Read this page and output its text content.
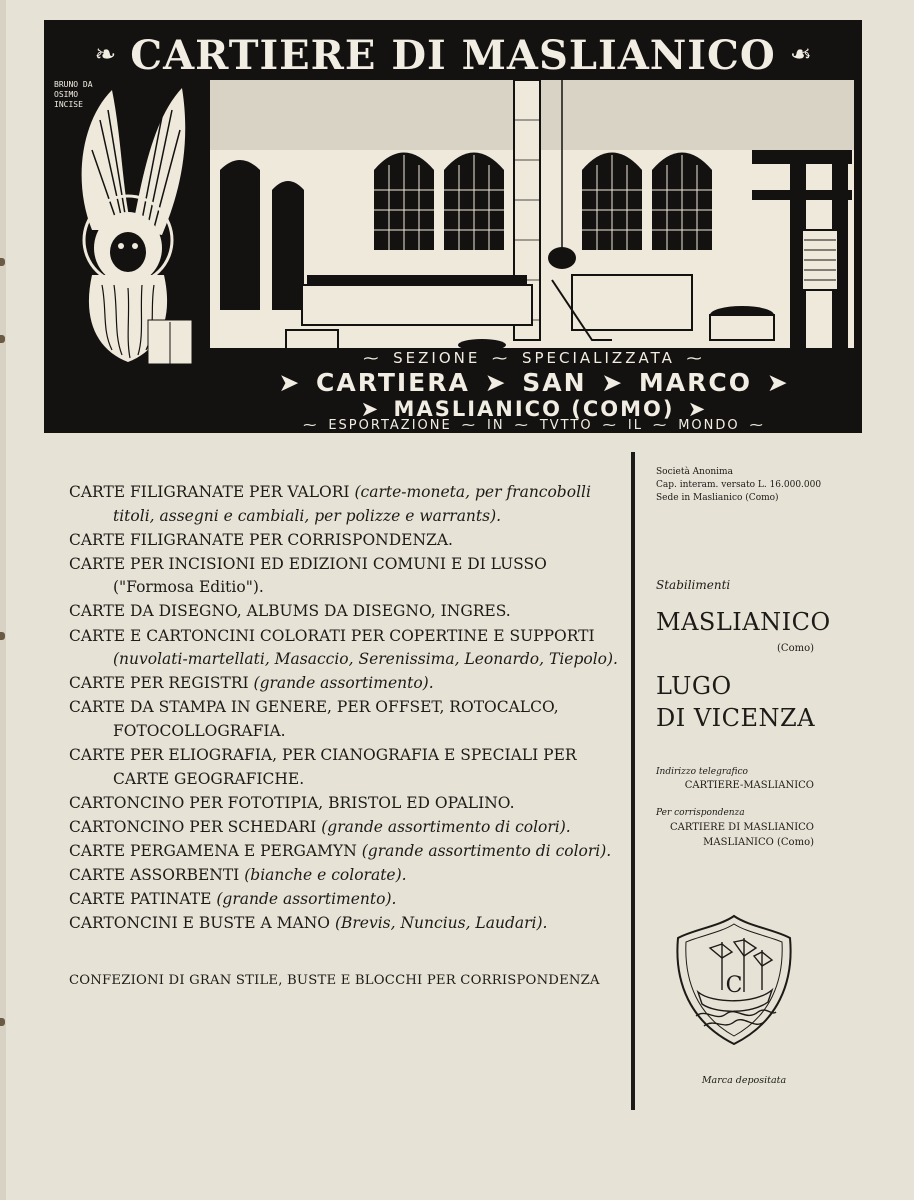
❧ CARTIERE DI MASLIANICO ❧
BRUNO DA
OSIMO
INCISE
⁓ SEZIONE ⁓ SPECIALIZZATA ⁓
➤ CARTIERA ➤ SAN ➤ MARCO ➤
➤ MASLIANICO (COMO) ➤
⁓ ESPORTAZIONE ⁓ IN ⁓ TVTTO ⁓ IL ⁓ MONDO ⁓
CARTE FILIGRANATE PER VALORI (carte-moneta, per francobolli
titoli, assegni e cambiali, per polizze e warrants).
CARTE FILIGRANATE PER CORRISPONDENZA.
CARTE PER INCISIONI ED EDIZIONI COMUNI E DI LUSSO
("Formosa Editio").
CARTE DA DISEGNO, ALBUMS DA DISEGNO, INGRES.
CARTE E CARTONCINI COLORATI PER COPERTINE E SUPPORTI
(nuvolati-martellati, Masaccio, Serenissima, Leonardo, Tiepolo).
CARTE PER REGISTRI (grande assortimento).
CARTE DA STAMPA IN GENERE, PER OFFSET, ROTOCALCO,
FOTOCOLLOGRAFIA.
CARTE PER ELIOGRAFIA, PER CIANOGRAFIA E SPECIALI PER
CARTE GEOGRAFICHE.
CARTONCINO PER FOTOTIPIA, BRISTOL ED OPALINO.
CARTONCINO PER SCHEDARI (grande assortimento di colori).
CARTE PERGAMENA E PERGAMYN (grande assortimento di colori).
CARTE ASSORBENTI (bianche e colorate).
CARTE PATINATE (grande assortimento).
CARTONCINI E BUSTE A MANO (Brevis, Nuncius, Laudari).
CONFEZIONI DI GRAN STILE, BUSTE E BLOCCHI PER CORRISPONDENZA
Società Anonima
Cap. interam. versato L. 16.000.000
Sede in Maslianico (Como)
Stabilimenti
MASLIANICO
(Como)
LUGO
DI VICENZA
Indirizzo telegrafico
CARTIERE-MASLIANICO
Per corrispondenza
CARTIERE DI MASLIANICO
MASLIANICO (Como)
C
Marca depositata
